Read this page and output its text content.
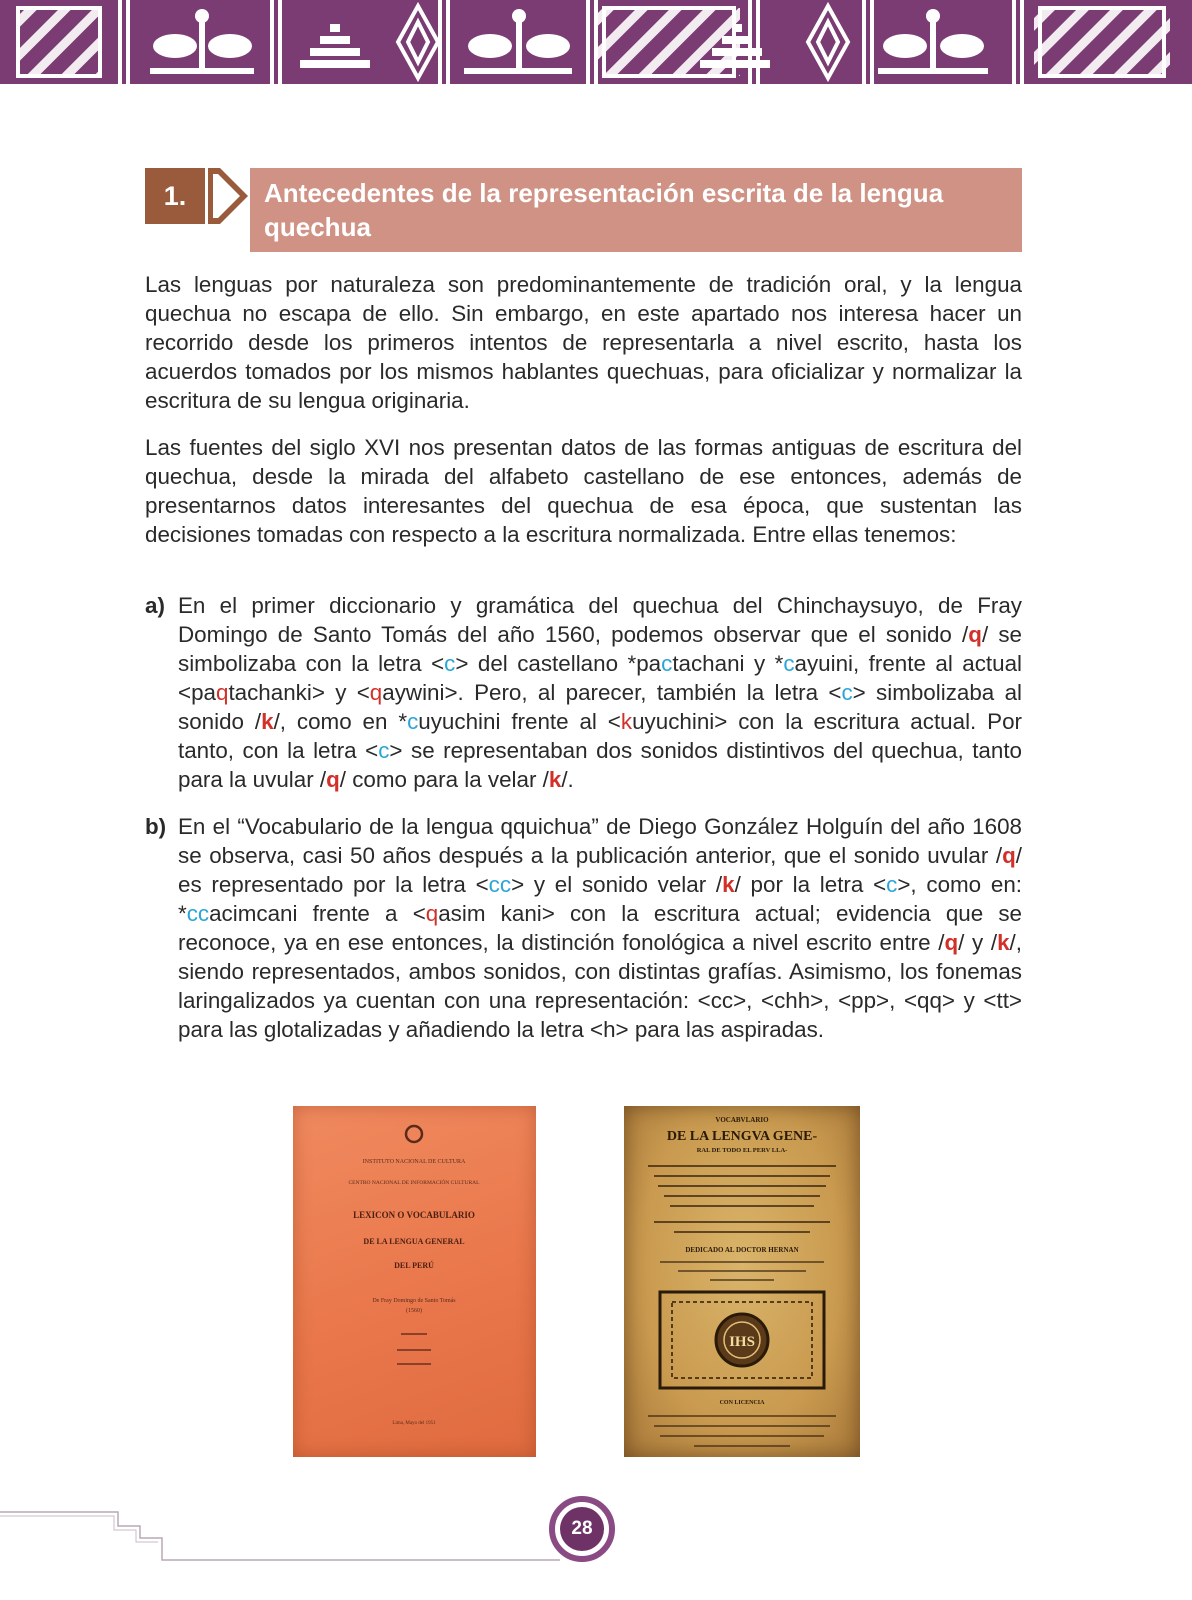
1.	Antecedentes de la representación escrita de la lengua quechua

Las lenguas por naturaleza son predominantemente de tradición oral, y la lengua quechua no escapa de ello. Sin embargo, en este apartado nos interesa hacer un recorrido desde los primeros intentos de representarla a nivel escrito, hasta los acuerdos tomados por los mismos hablantes quechuas, para oficializar y normalizar la escritura de su lengua originaria.

Las fuentes del siglo XVI nos presentan datos de las formas antiguas de escritura del quechua, desde la mirada del alfabeto castellano de ese entonces, además de presentarnos datos interesantes del quechua de esa época, que sustentan las decisiones tomadas con respecto a la escritura normalizada. Entre ellas tenemos:

a) En el primer diccionario y gramática del quechua del Chinchaysuyo, de Fray Domingo de Santo Tomás del año 1560, podemos observar que el sonido /q/ se simbolizaba con la letra <c> del castellano *pactachani y *cayuini, frente al actual <paqtachanki> y <qaywini>. Pero, al parecer, también la letra <c> simbolizaba al sonido /k/, como en *cuyuchini frente al <kuyuchini> con la escritura actual. Por tanto, con la letra <c> se representaban dos sonidos distintivos del quechua, tanto para la uvular /q/ como para la velar /k/.
b) En el “Vocabulario de la lengua qquichua” de Diego González Holguín del año 1608 se observa, casi 50 años después a la publicación anterior, que el sonido uvular /q/ es representado por la letra <cc> y el sonido velar /k/ por la letra <c>, como en: *ccacimcani frente a <qasim kani> con la escritura actual; evidencia que se reconoce, ya en ese entonces, la distinción fonológica a nivel escrito entre /q/ y /k/, siendo representados, ambos sonidos, con distintas grafías. Asimismo, los fonemas laringalizados ya cuentan con una representación: <cc>, <chh>, <pp>, <qq> y <tt> para las glotalizadas y añadiendo la letra <h> para las aspiradas.
INSTITUTO NACIONAL DE CULTURA
CENTRO NACIONAL DE INFORMACIÓN CULTURAL
LEXICON O VOCABULARIO
DE LA LENGUA GENERAL
DEL PERÚ
De Fray Domingo de Santo Tomás
(1560)
Lima, Mayo del 1951
VOCABVLARIO
DE LA LENGVA GENE-
RAL DE TODO EL PERV LLA-
DEDICADO AL DOCTOR HERNAN
IHS
CON LICENCIA
28
